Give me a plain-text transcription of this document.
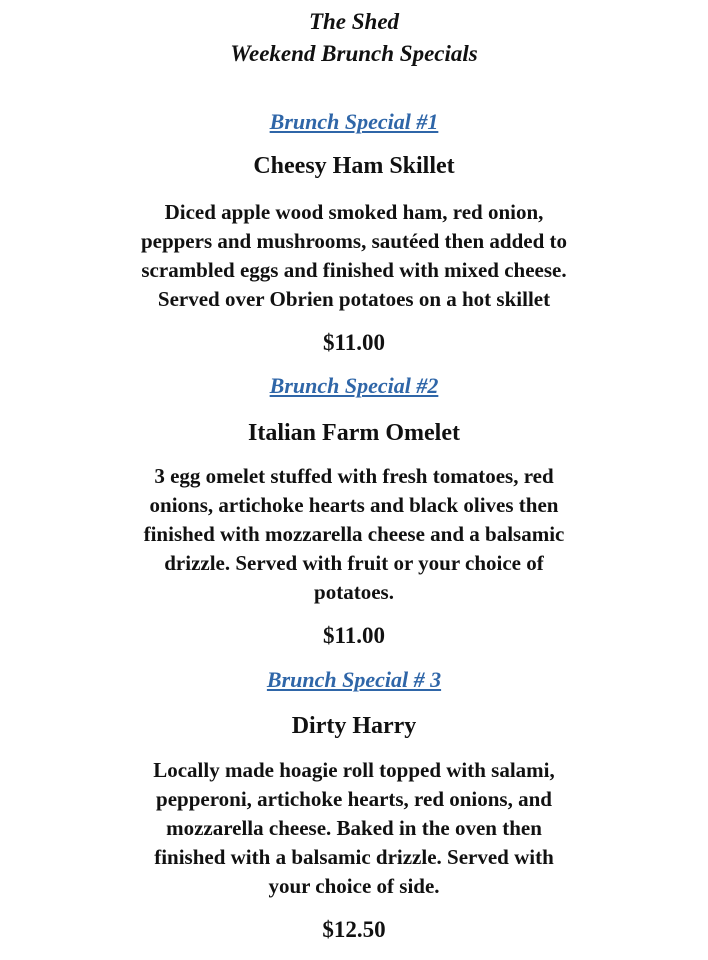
The Shed
Weekend Brunch Specials
Brunch Special #1
Cheesy Ham Skillet
Diced apple wood smoked ham, red onion,
peppers and mushrooms, sautéed then added to
scrambled eggs and finished with mixed cheese.
Served over Obrien potatoes on a hot skillet
$11.00
Brunch Special #2
Italian Farm Omelet
3 egg omelet stuffed with fresh tomatoes, red
onions, artichoke hearts and black olives then
finished with mozzarella cheese and a balsamic
drizzle. Served with fruit or your choice of
potatoes.
$11.00
Brunch Special # 3
Dirty Harry
Locally made hoagie roll topped with salami,
pepperoni, artichoke hearts, red onions, and
mozzarella cheese. Baked in the oven then
finished with a balsamic drizzle. Served with
your choice of side.
$12.50
